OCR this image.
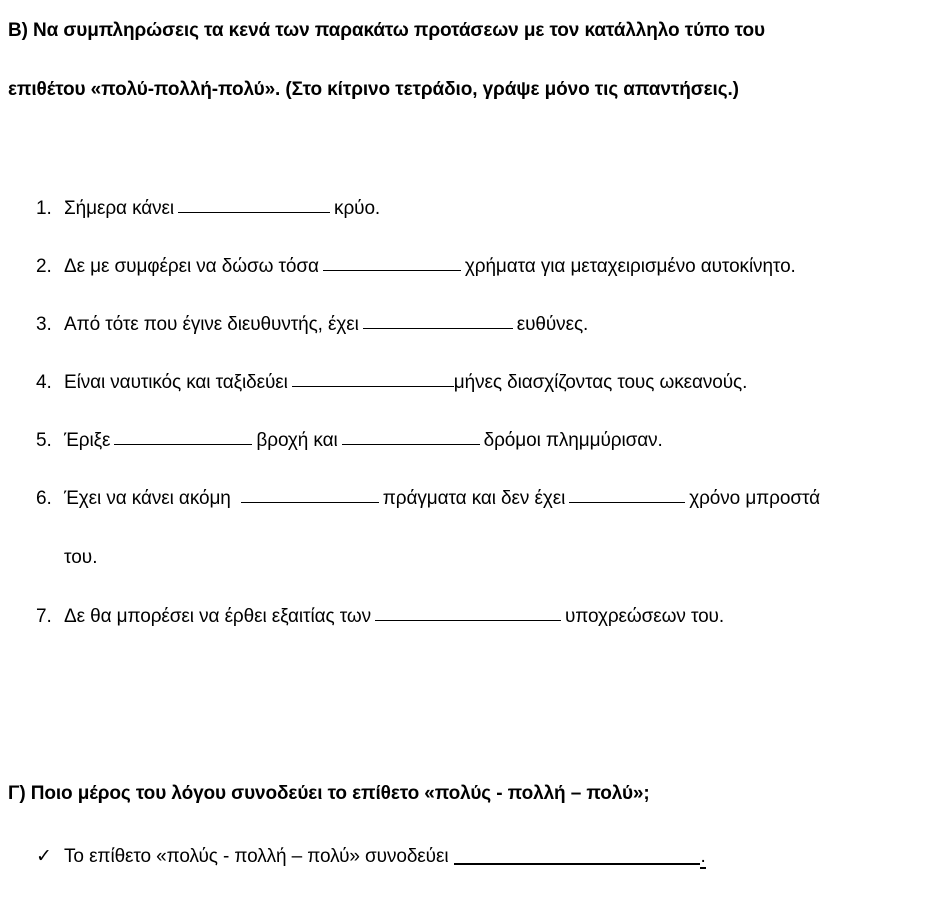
Β) Να συμπληρώσεις τα κενά των παρακάτω προτάσεων με τον κατάλληλο τύπο του
επιθέτου «πολύ-πολλή-πολύ». (Στο κίτρινο τετράδιο, γράψε μόνο τις απαντήσεις.)
1. Σήμερα κάνει	κρύο.
2. Δε με συμφέρει να δώσω τόσα	χρήματα για μεταχειρισμένο αυτοκίνητο.
3. Από τότε που έγινε διευθυντής, έχει	ευθύνες.
4. Είναι ναυτικός και ταξιδεύει	μήνες διασχίζοντας τους ωκεανούς.
5. Έριξε	βροχή και	δρόμοι πλημμύρισαν.
6. Έχει να κάνει ακόμη	πράγματα και δεν έχει	χρόνο μπροστά
του.
7. Δε θα μπορέσει να έρθει εξαιτίας των	υποχρεώσεων του.
Γ) Ποιο μέρος του λόγου συνοδεύει το επίθετο «πολύς - πολλή – πολύ»;
✓ Το επίθετο «πολύς - πολλή – πολύ» συνοδεύει	.
